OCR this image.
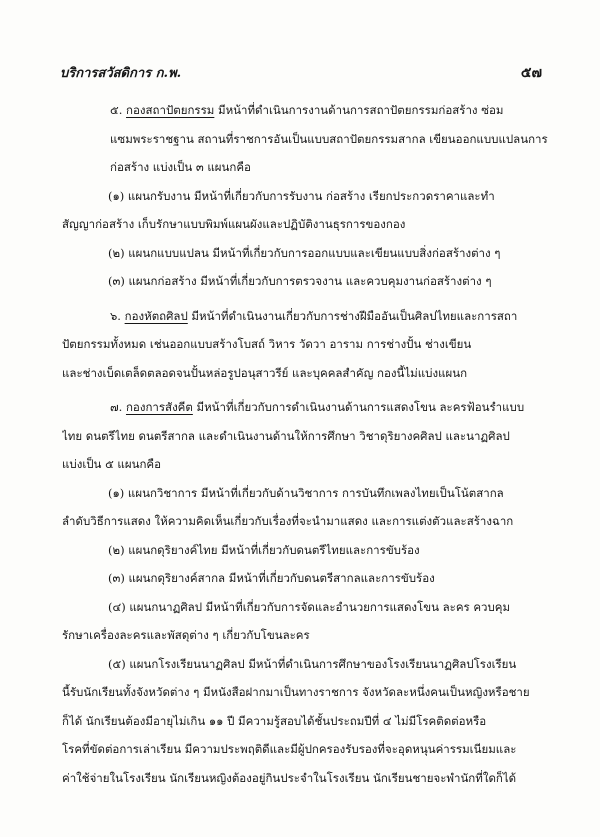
บริการสวัสดิการ ก.พ.	๕๗
๕. กองสถาปัตยกรรม มีหน้าที่ดำเนินการงานด้านการสถาปัตยกรรมก่อสร้าง ซ่อม
แซมพระราชฐาน สถานที่ราชการอันเป็นแบบสถาปัตยกรรมสากล เขียนออกแบบแปลนการ
ก่อสร้าง แบ่งเป็น ๓ แผนกคือ
(๑) แผนกรับงาน มีหน้าที่เกี่ยวกับการรับงาน ก่อสร้าง เรียกประกวดราคาและทำ
สัญญาก่อสร้าง เก็บรักษาแบบพิมพ์แผนผังและปฏิบัติงานธุรการของกอง
(๒) แผนกแบบแปลน มีหน้าที่เกี่ยวกับการออกแบบและเขียนแบบสิ่งก่อสร้างต่าง ๆ
(๓) แผนกก่อสร้าง มีหน้าที่เกี่ยวกับการตรวจงาน และควบคุมงานก่อสร้างต่าง ๆ
๖. กองหัตถศิลป มีหน้าที่ดำเนินงานเกี่ยวกับการช่างฝีมืออันเป็นศิลปไทยและการสถา
ปัตยกรรมทั้งหมด เช่นออกแบบสร้างโบสถ์ วิหาร วัดวา อาราม การช่างปั้น ช่างเขียน
และช่างเบ็ดเตล็ดตลอดจนปั้นหล่อรูปอนุสาวรีย์ และบุคคลสำคัญ กองนี้ไม่แบ่งแผนก
๗. กองการสังคีต มีหน้าที่เกี่ยวกับการดำเนินงานด้านการแสดงโขน ละครฟ้อนรำแบบ
ไทย ดนตรีไทย ดนตรีสากล และดำเนินงานด้านให้การศึกษา วิชาดุริยางคศิลป และนาฏศิลป
แบ่งเป็น ๕ แผนกคือ
(๑) แผนกวิชาการ มีหน้าที่เกี่ยวกับด้านวิชาการ การบันทึกเพลงไทยเป็นโน้ตสากล
ลำดับวิธีการแสดง ให้ความคิดเห็นเกี่ยวกับเรื่องที่จะนำมาแสดง และการแต่งตัวและสร้างฉาก
(๒) แผนกดุริยางค์ไทย มีหน้าที่เกี่ยวกับดนตรีไทยและการขับร้อง
(๓) แผนกดุริยางค์สากล มีหน้าที่เกี่ยวกับดนตรีสากลและการขับร้อง
(๔) แผนกนาฏศิลป มีหน้าที่เกี่ยวกับการจัดและอำนวยการแสดงโขน ละคร ควบคุม
รักษาเครื่องละครและพัสดุต่าง ๆ เกี่ยวกับโขนละคร
(๕) แผนกโรงเรียนนาฏศิลป มีหน้าที่ดำเนินการศึกษาของโรงเรียนนาฏศิลปโรงเรียน
นี้รับนักเรียนทั้งจังหวัดต่าง ๆ มีหนังสือฝากมาเป็นทางราชการ จังหวัดละหนึ่งคนเป็นหญิงหรือชาย
ก็ได้ นักเรียนต้องมีอายุไม่เกิน ๑๑ ปี มีความรู้สอบได้ชั้นประถมปีที่ ๔ ไม่มีโรคติดต่อหรือ
โรคที่ขัดต่อการเล่าเรียน มีความประพฤติดีและมีผู้ปกครองรับรองที่จะอุดหนุนค่ารรมเนียมและ
ค่าใช้จ่ายในโรงเรียน นักเรียนหญิงต้องอยู่กินประจำในโรงเรียน นักเรียนชายจะพำนักที่ใดก็ได้
